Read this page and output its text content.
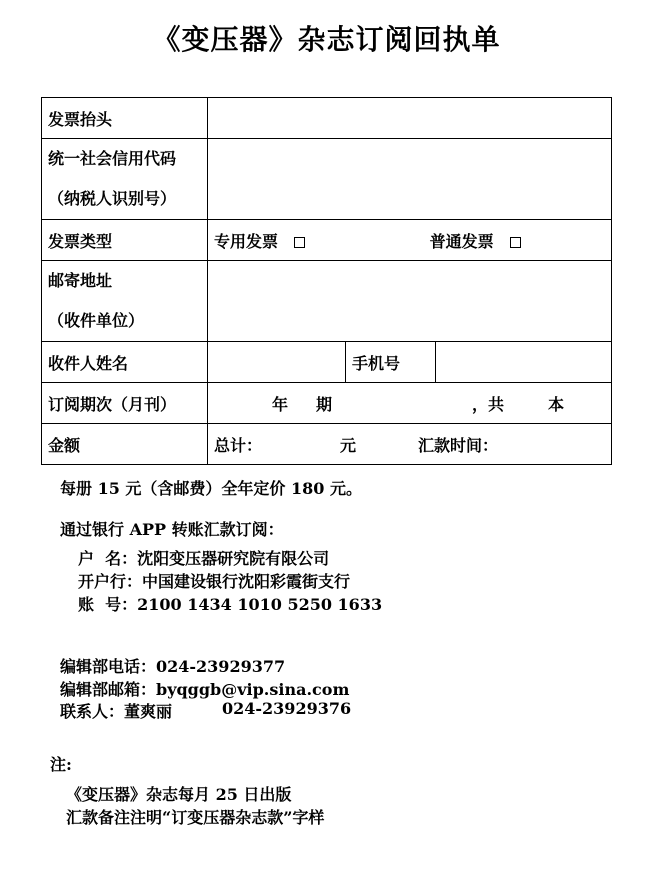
《变压器》杂志订阅回执单
发票抬头			

统一社会信用代码
（纳税人识别号）			

发票类型	专用发票 普通发票		

邮寄地址
（收件单位）			

收件人姓名		手机号	
订阅期次（月刊）	年 期 ，共 本		
金额	总计： 元 汇款时间：		
每册 15 元（含邮费）全年定价 180 元。
通过银行 APP 转账汇款订阅：
户  名：沈阳变压器研究院有限公司
开户行：中国建设银行沈阳彩霞街支行
账  号：2100 1434 1010 5250 1633
编辑部电话：024-23929377
编辑部邮箱：byqggb@vip.sina.com
联系人：董爽丽	024-23929376
注:
《变压器》杂志每月 25 日出版
汇款备注注明“订变压器杂志款”字样
